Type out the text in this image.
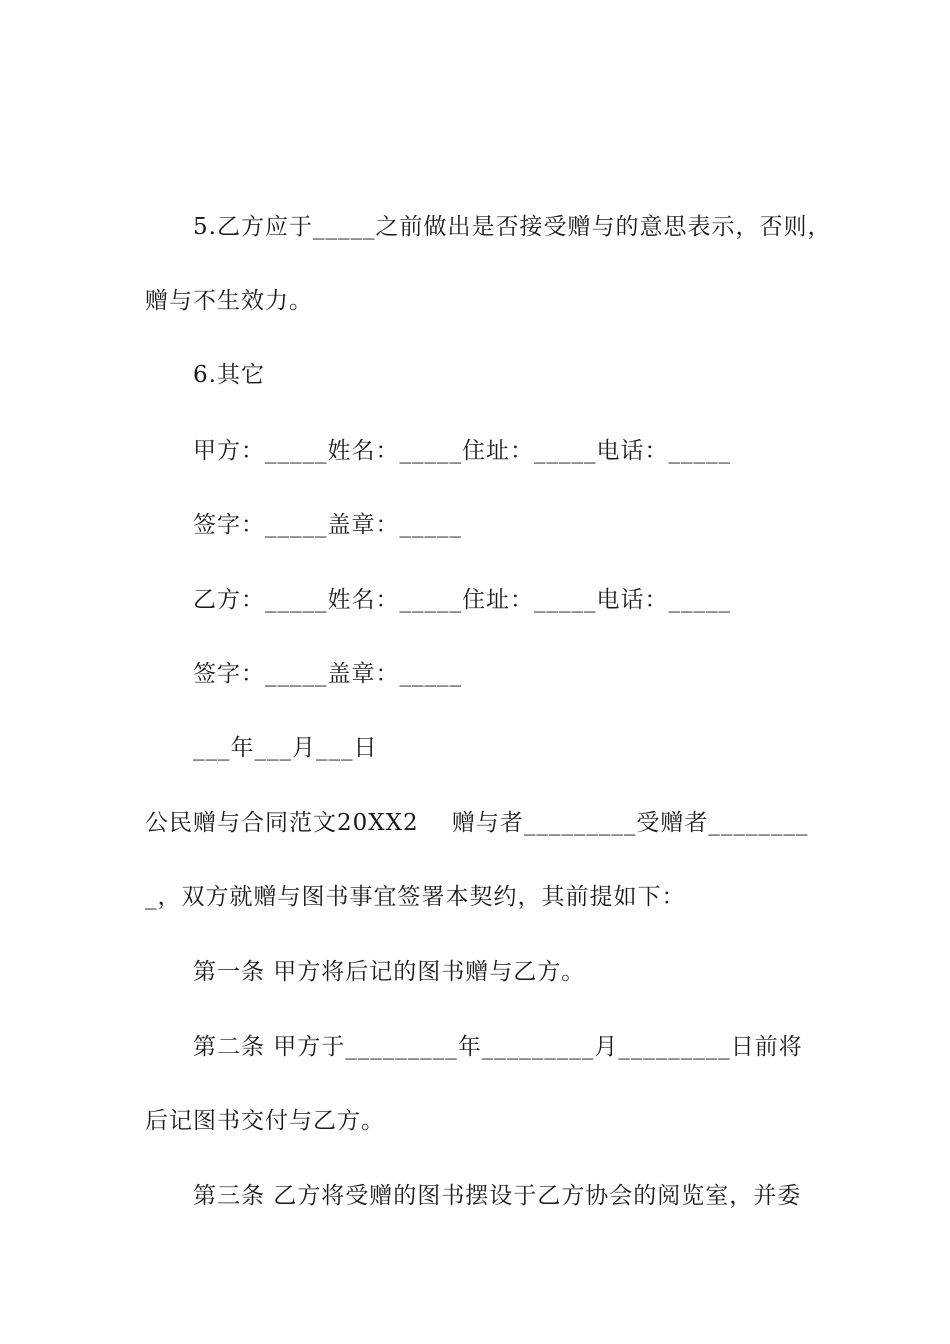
5.乙方应于_____之前做出是否接受赠与的意思表示，否则，
赠与不生效力。
6.其它
甲方：_____姓名：_____住址：_____电话：_____
签字：_____盖章：_____
乙方：_____姓名：_____住址：_____电话：_____
签字：_____盖章：_____
___年___月___日
公民赠与合同范文20XX2    赠与者_________受赠者________
_，双方就赠与图书事宜签署本契约，其前提如下：
第一条 甲方将后记的图书赠与乙方。
第二条 甲方于_________年_________月_________日前将
后记图书交付与乙方。
第三条 乙方将受赠的图书摆设于乙方协会的阅览室，并委
